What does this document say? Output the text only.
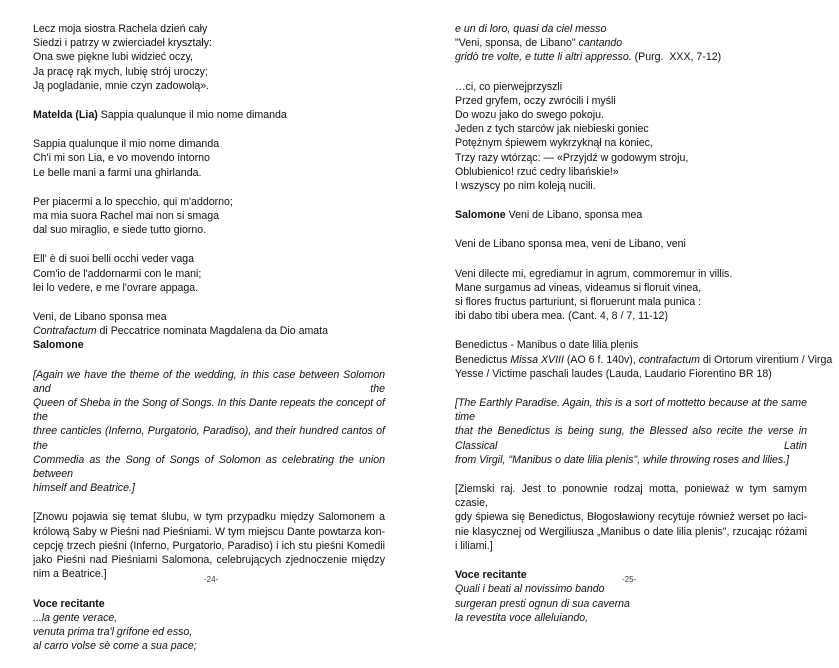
Lecz moja siostra Rachela dzień cały
Siedzi i patrzy w zwierciadeł kryształy:
Ona swe piękne lubi widzieć oczy,
Ja pracę rąk mych, lubię strój uroczy;
Ją pogladanie, mnie czyn zadowolą».
Matelda (Lia) Sappia qualunque il mio nome dimanda
Sappia qualunque il mio nome dimanda
Ch'i mi son Lia, e vo movendo intorno
Le belle mani a farmi una ghirlanda.
Per piacermi a lo specchio, qui m'addorno;
ma mia suora Rachel mai non si smaga
dal suo miraglio, e siede tutto giorno.
Ell' è di suoi belli occhi veder vaga
Com'io de l'addornarmi con le mani;
lei lo vedere, e me l'ovrare appaga.
Veni, de Libano sponsa mea
Contrafactum di Peccatrice nominata Magdalena da Dio amata
Salomone
[Again we have the theme of the wedding, in this case between Solomon and the
Queen of Sheba in the Song of Songs. In this Dante repeats the concept of the
three canticles (Inferno, Purgatorio, Paradiso), and their hundred cantos of the
Commedia as the Song of Songs of Solomon as celebrating the union between
himself and Beatrice.]
[Znowu pojawia się temat ślubu, w tym przypadku między Salomonem a
królową Saby w Pieśni nad Pieśniami. W tym miejscu Dante powtarza kon-
cepcję trzech pieśni (Inferno, Purgatorio, Paradiso) i ich stu pieśni Komedii
jako Pieśni nad Pieśniami Salomona, celebrujących zjednoczenie między
nim a Beatrice.]
Voce recitante
...la gente verace,
venuta prima tra'l grifone ed esso,
al carro volse sè come a sua pace;
-24-
e un di loro, quasi da ciel messo
"Veni, sponsa, de Libano" cantando
gridò tre volte, e tutte li altri appresso. (Purg.  XXX, 7-12)
…ci, co pierwejprzyszli
Przed gryfem, oczy zwrócili i myśli
Do wozu jako do swego pokoju.
Jeden z tych starców jak niebieski goniec
Potężnym śpiewem wykrzyknął na koniec,
Trzy razy wtórząc: — «Przyjdź w godowym stroju,
Oblubienico! rzuć cedry libańskie!»
I wszyscy po nim koleją nucili.
Salomone Veni de Libano, sponsa mea
Veni de Libano sponsa mea, veni de Libano, veni
Veni dilecte mi, egrediamur in agrum, commoremur in villis.
Mane surgamus ad vineas, videamus si floruit vinea,
si flores fructus parturiunt, si floruerunt mala punica :
ibi dabo tibi ubera mea. (Cant. 4, 8 / 7, 11-12)
Benedictus - Manibus o date lilia plenis
Benedictus Missa XVIII (AO 6 f. 140v), contrafactum di Ortorum virentium / Virga
Yesse / Victime paschali laudes (Lauda, Laudario Fiorentino BR 18)
[The Earthly Paradise. Again, this is a sort of mottetto because at the same time
that the Benedictus is being sung, the Blessed also recite the verse in Classical Latin
from Virgil, "Manibus o date lilia plenis", while throwing roses and lilies.]
[Ziemski raj. Jest to ponownie rodzaj motta, ponieważ w tym samym czasie,
gdy śpiewa się Benedictus, Błogosławiony recytuje również werset po łaci-
nie klasycznej od Wergiliusza „Manibus o date lilia plenis", rzucając różami
i liliami.]
Voce recitante
Quali i beati al novissimo bando
surgeran presti ognun di sua caverna
la revestita voce alleluiando,
-25-
